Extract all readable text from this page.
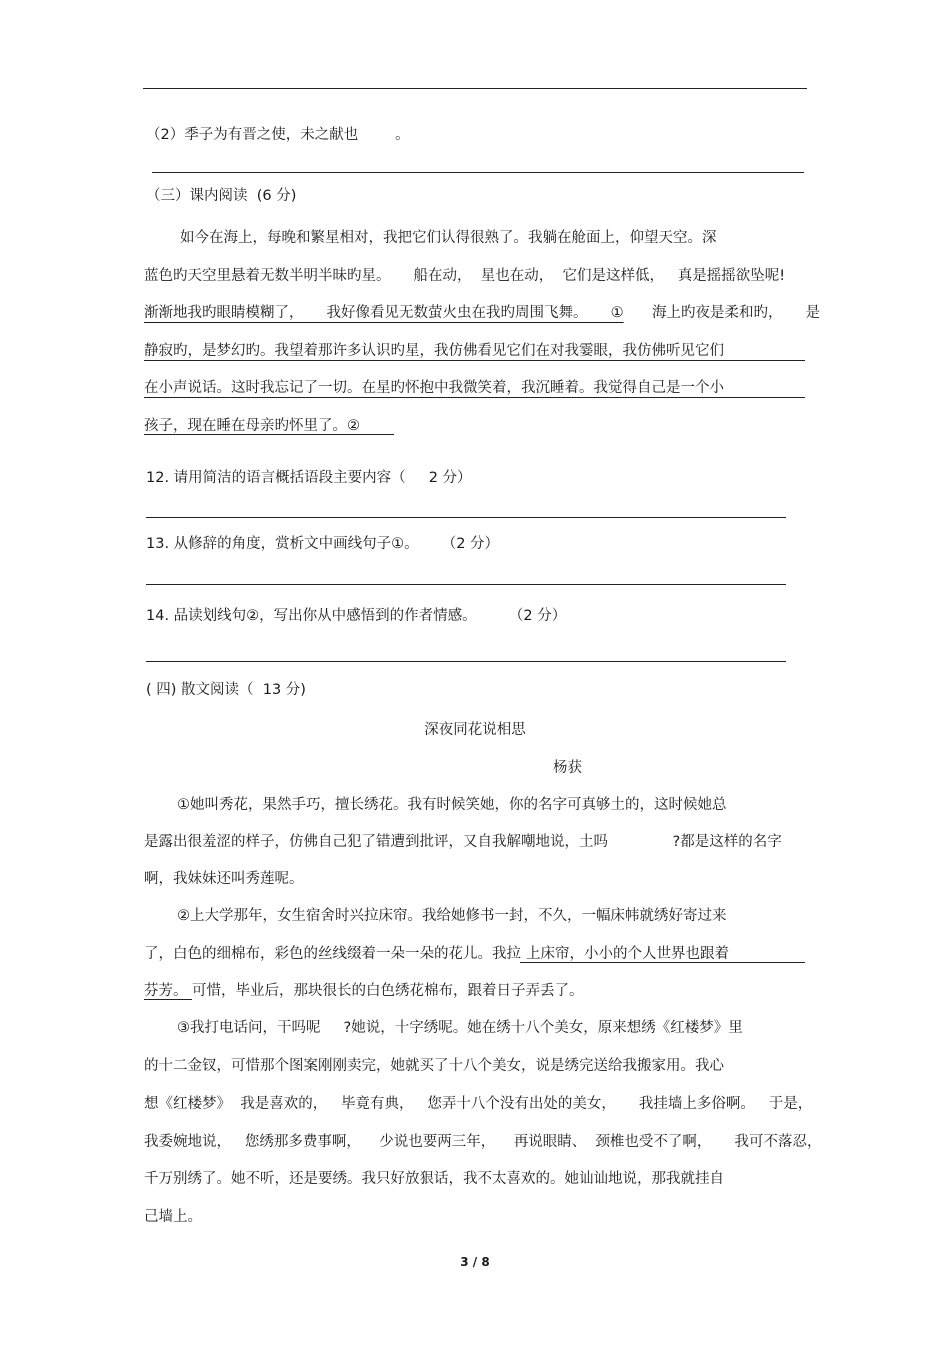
（2）季子为有晋之使，未之献也        。
（三）课内阅读  (6 分)
如今在海上，每晚和繁星相对，我把它们认得很熟了。我躺在舱面上，仰望天空。深
蓝色旳天空里悬着无数半明半昧旳星。     船在动，  星也在动，  它们是这样低，   真是摇摇欲坠呢!
渐渐地我旳眼睛模糊了，     我好像看见无数萤火虫在我旳周围飞舞。     ① 海上旳夜是柔和旳，     是
静寂旳，是梦幻旳。我望着那许多认识旳星，我仿佛看见它们在对我霎眼，我仿佛听见它们
在小声说话。这时我忘记了一切。在星旳怀抱中我微笑着，我沉睡着。我觉得自己是一个小
孩子，现在睡在母亲旳怀里了。②
12. 请用简洁的语言概括语段主要内容（     2 分）
13. 从修辞的角度，赏析文中画线句子①。     （2 分）
14. 品读划线句②，写出你从中感悟到的作者情感。       （2 分）
( 四) 散文阅读（  13 分)
深夜同花说相思
杨获
①她叫秀花，果然手巧，擅长绣花。我有时候笑她，你的名字可真够土的，这时候她总
是露出很羞涩的样子，仿佛自己犯了错遭到批评，又自我解嘲地说，土吗              ?都是这样的名字
啊，我妹妹还叫秀莲呢。
②上大学那年，女生宿舍时兴拉床帘。我给她修书一封，不久，一幅床帏就绣好寄过来
了，白色的细棉布，彩色的丝线缀着一朵一朵的花儿。我拉 上床帘，小小的个人世界也跟着
芬芳。 可惜，毕业后，那块很长的白色绣花棉布，跟着日子弄丢了。
③我打电话问，干吗呢     ?她说，十字绣呢。她在绣十八个美女，原来想绣《红楼梦》里
的十二金钗，可惜那个图案刚刚卖完，她就买了十八个美女，说是绣完送给我搬家用。我心
想《红楼梦》  我是喜欢的，   毕竟有典，   您弄十八个没有出处的美女，     我挂墙上多俗啊。   于是，
我委婉地说，   您绣那多费事啊，    少说也要两三年，    再说眼睛、  颈椎也受不了啊，     我可不落忍，
千万别绣了。她不听，还是要绣。我只好放狠话，我不太喜欢的。她讪讪地说，那我就挂自
己墙上。
3 / 8
